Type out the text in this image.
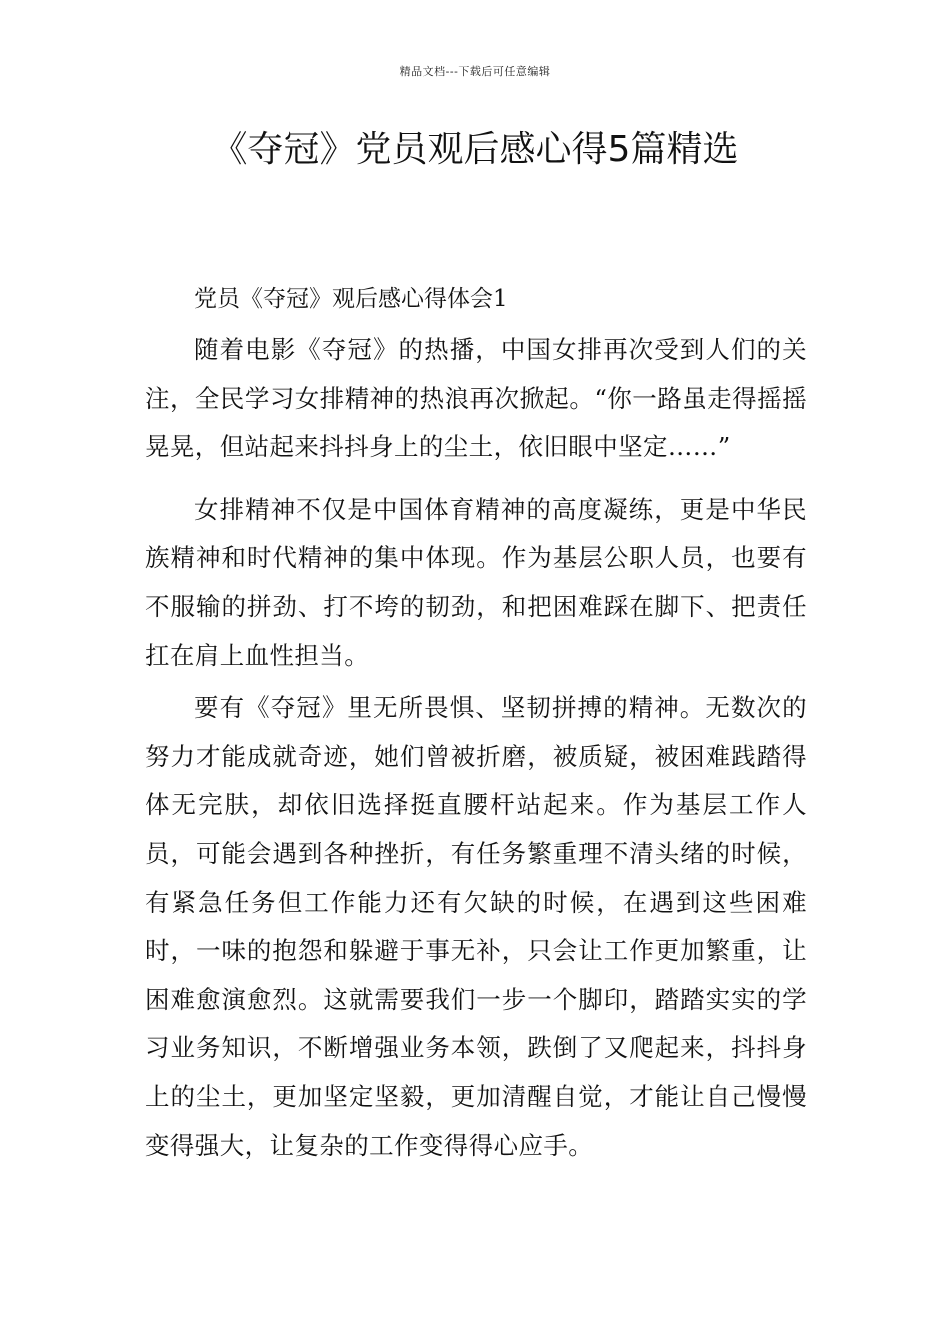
精品文档---下载后可任意编辑
《夺冠》党员观后感心得5篇精选

党员《夺冠》观后感心得体会1

随着电影《夺冠》的热播，中国女排再次受到人们的关注，全民学习女排精神的热浪再次掀起。“你一路虽走得摇摇晃晃，但站起来抖抖身上的尘土，依旧眼中坚定……”

女排精神不仅是中国体育精神的高度凝练，更是中华民族精神和时代精神的集中体现。作为基层公职人员，也要有不服输的拼劲、打不垮的韧劲，和把困难踩在脚下、把责任扛在肩上血性担当。

要有《夺冠》里无所畏惧、坚韧拼搏的精神。无数次的努力才能成就奇迹，她们曾被折磨，被质疑，被困难践踏得体无完肤，却依旧选择挺直腰杆站起来。作为基层工作人员，可能会遇到各种挫折，有任务繁重理不清头绪的时候，有紧急任务但工作能力还有欠缺的时候，在遇到这些困难时，一味的抱怨和躲避于事无补，只会让工作更加繁重，让困难愈演愈烈。这就需要我们一步一个脚印，踏踏实实的学习业务知识，不断增强业务本领，跌倒了又爬起来，抖抖身上的尘土，更加坚定坚毅，更加清醒自觉，才能让自己慢慢变得强大，让复杂的工作变得得心应手。
